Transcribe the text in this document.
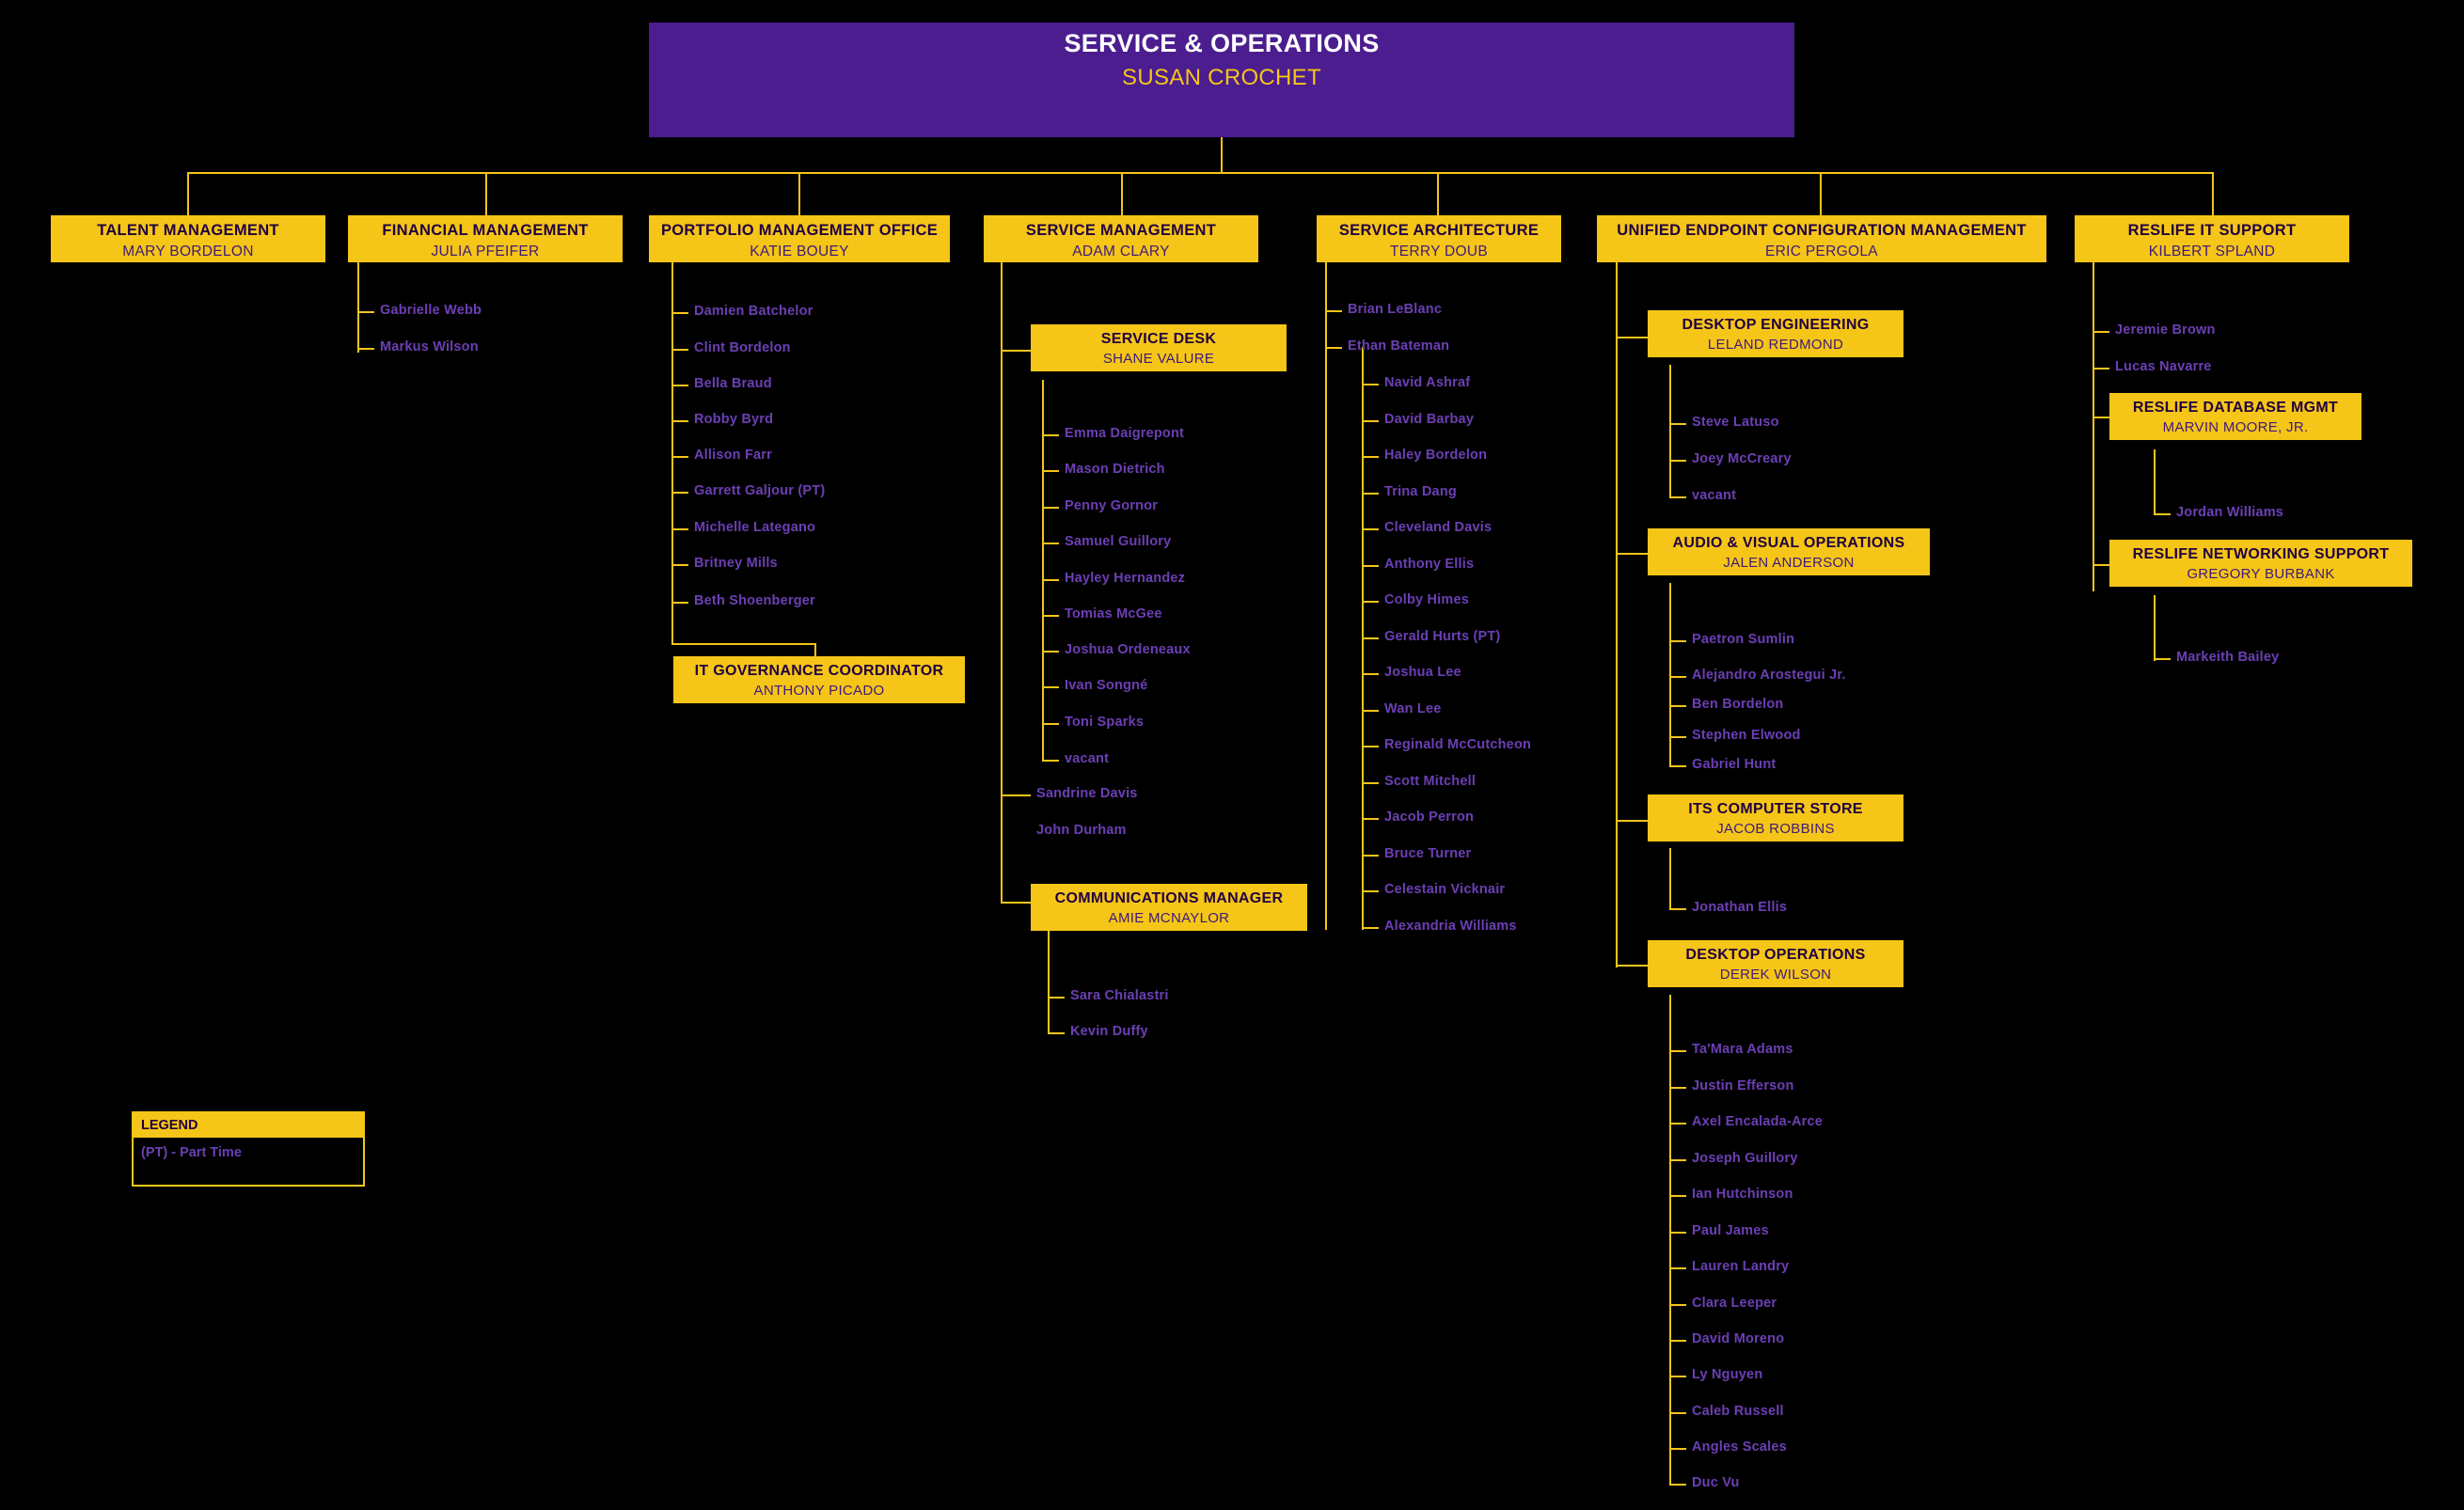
SERVICE & OPERATIONS
SUSAN CROCHET
TALENT MANAGEMENT
MARY BORDELON
FINANCIAL MANAGEMENT
JULIA PFEIFER
PORTFOLIO MANAGEMENT OFFICE
KATIE BOUEY
SERVICE MANAGEMENT
ADAM CLARY
SERVICE ARCHITECTURE
TERRY DOUB
UNIFIED ENDPOINT CONFIGURATION MANAGEMENT
ERIC PERGOLA
RESLIFE IT SUPPORT
KILBERT SPLAND
SERVICE DESK
SHANE VALURE
IT GOVERNANCE COORDINATOR
ANTHONY PICADO
COMMUNICATIONS MANAGER
AMIE MCNAYLOR
DESKTOP ENGINEERING
LELAND REDMOND
AUDIO & VISUAL OPERATIONS
JALEN ANDERSON
ITS COMPUTER STORE
JACOB ROBBINS
DESKTOP OPERATIONS
DEREK WILSON
RESLIFE DATABASE MGMT
MARVIN MOORE, JR.
RESLIFE NETWORKING SUPPORT
GREGORY BURBANK
Gabrielle Webb
Markus Wilson
Damien Batchelor
Clint Bordelon
Bella Braud
Robby Byrd
Allison Farr
Garrett Galjour (PT)
Michelle Lategano
Britney Mills
Beth Shoenberger
Emma Daigrepont
Mason Dietrich
Penny Gornor
Samuel Guillory
Hayley Hernandez
Tomias McGee
Joshua Ordeneaux
Ivan Songné
Toni Sparks
vacant
Sandrine Davis
John Durham
Sara Chialastri
Kevin Duffy
Brian LeBlanc
Ethan Bateman
Navid Ashraf
David Barbay
Haley Bordelon
Trina Dang
Cleveland Davis
Anthony Ellis
Colby Himes
Gerald Hurts (PT)
Joshua Lee
Wan Lee
Reginald McCutcheon
Scott Mitchell
Jacob Perron
Bruce Turner
Celestain Vicknair
Alexandria Williams
Steve Latuso
Joey McCreary
vacant
Paetron Sumlin
Alejandro Arostegui Jr.
Ben Bordelon
Stephen Elwood
Gabriel Hunt
Jonathan Ellis
Ta'Mara Adams
Justin Efferson
Axel Encalada-Arce
Joseph Guillory
Ian Hutchinson
Paul James
Lauren Landry
Clara Leeper
David Moreno
Ly Nguyen
Caleb Russell
Angles Scales
Duc Vu
Jeremie Brown
Lucas Navarre
Jordan Williams
Markeith Bailey
LEGEND
(PT) - Part Time
